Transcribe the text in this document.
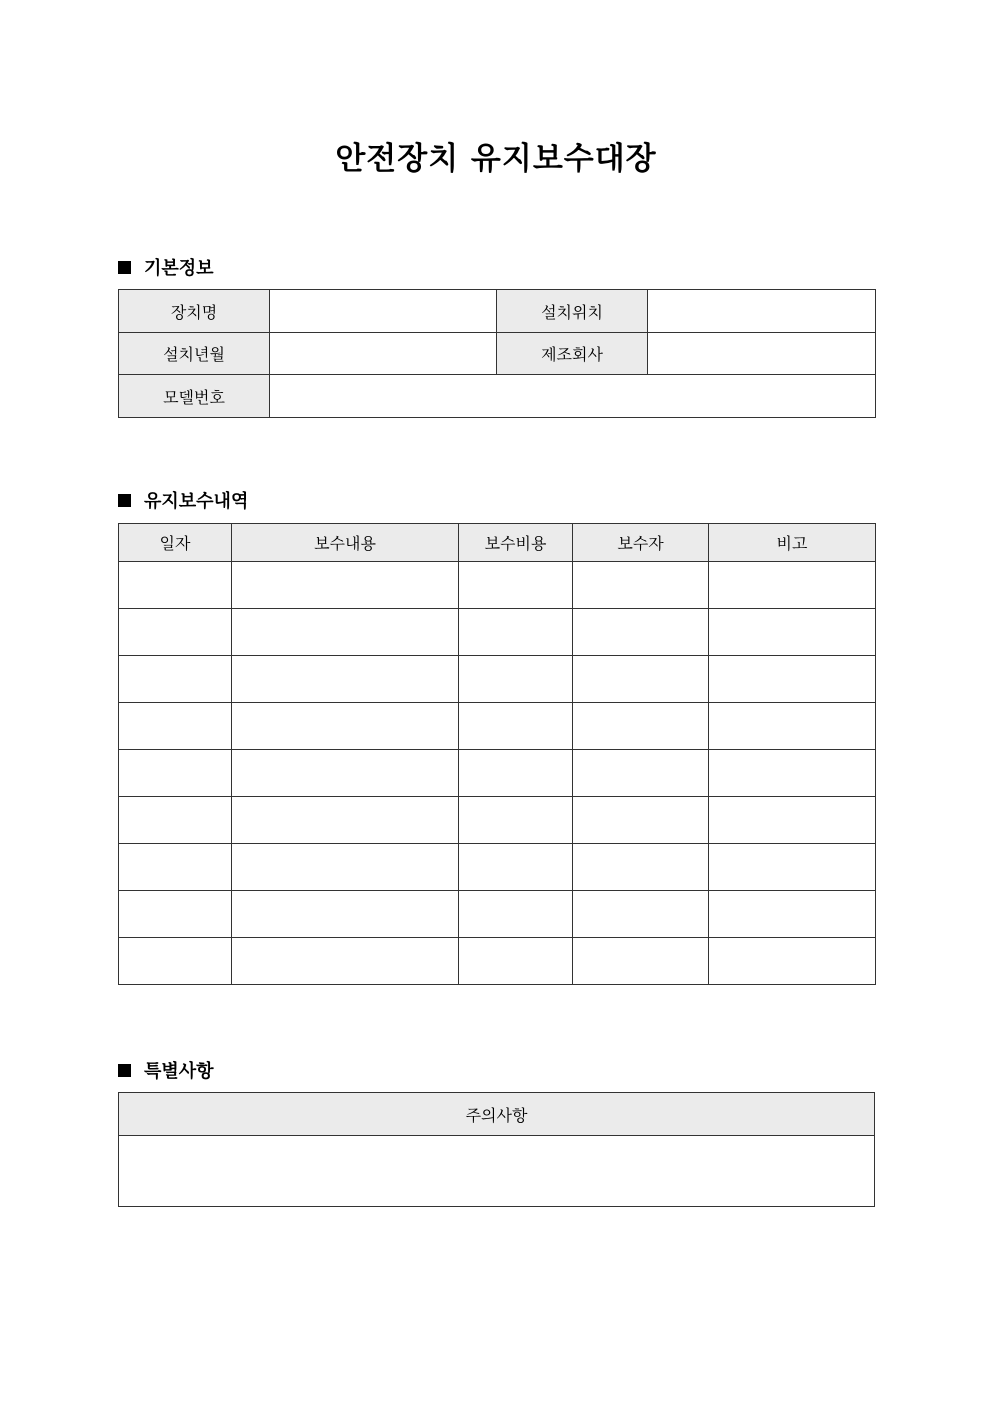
안전장치 유지보수대장
기본정보
장치명		설치위치	
설치년월		제조회사	
모델번호			
유지보수내역
일자	보수내용	보수비용	보수자	비고

특별사항
주의사항
